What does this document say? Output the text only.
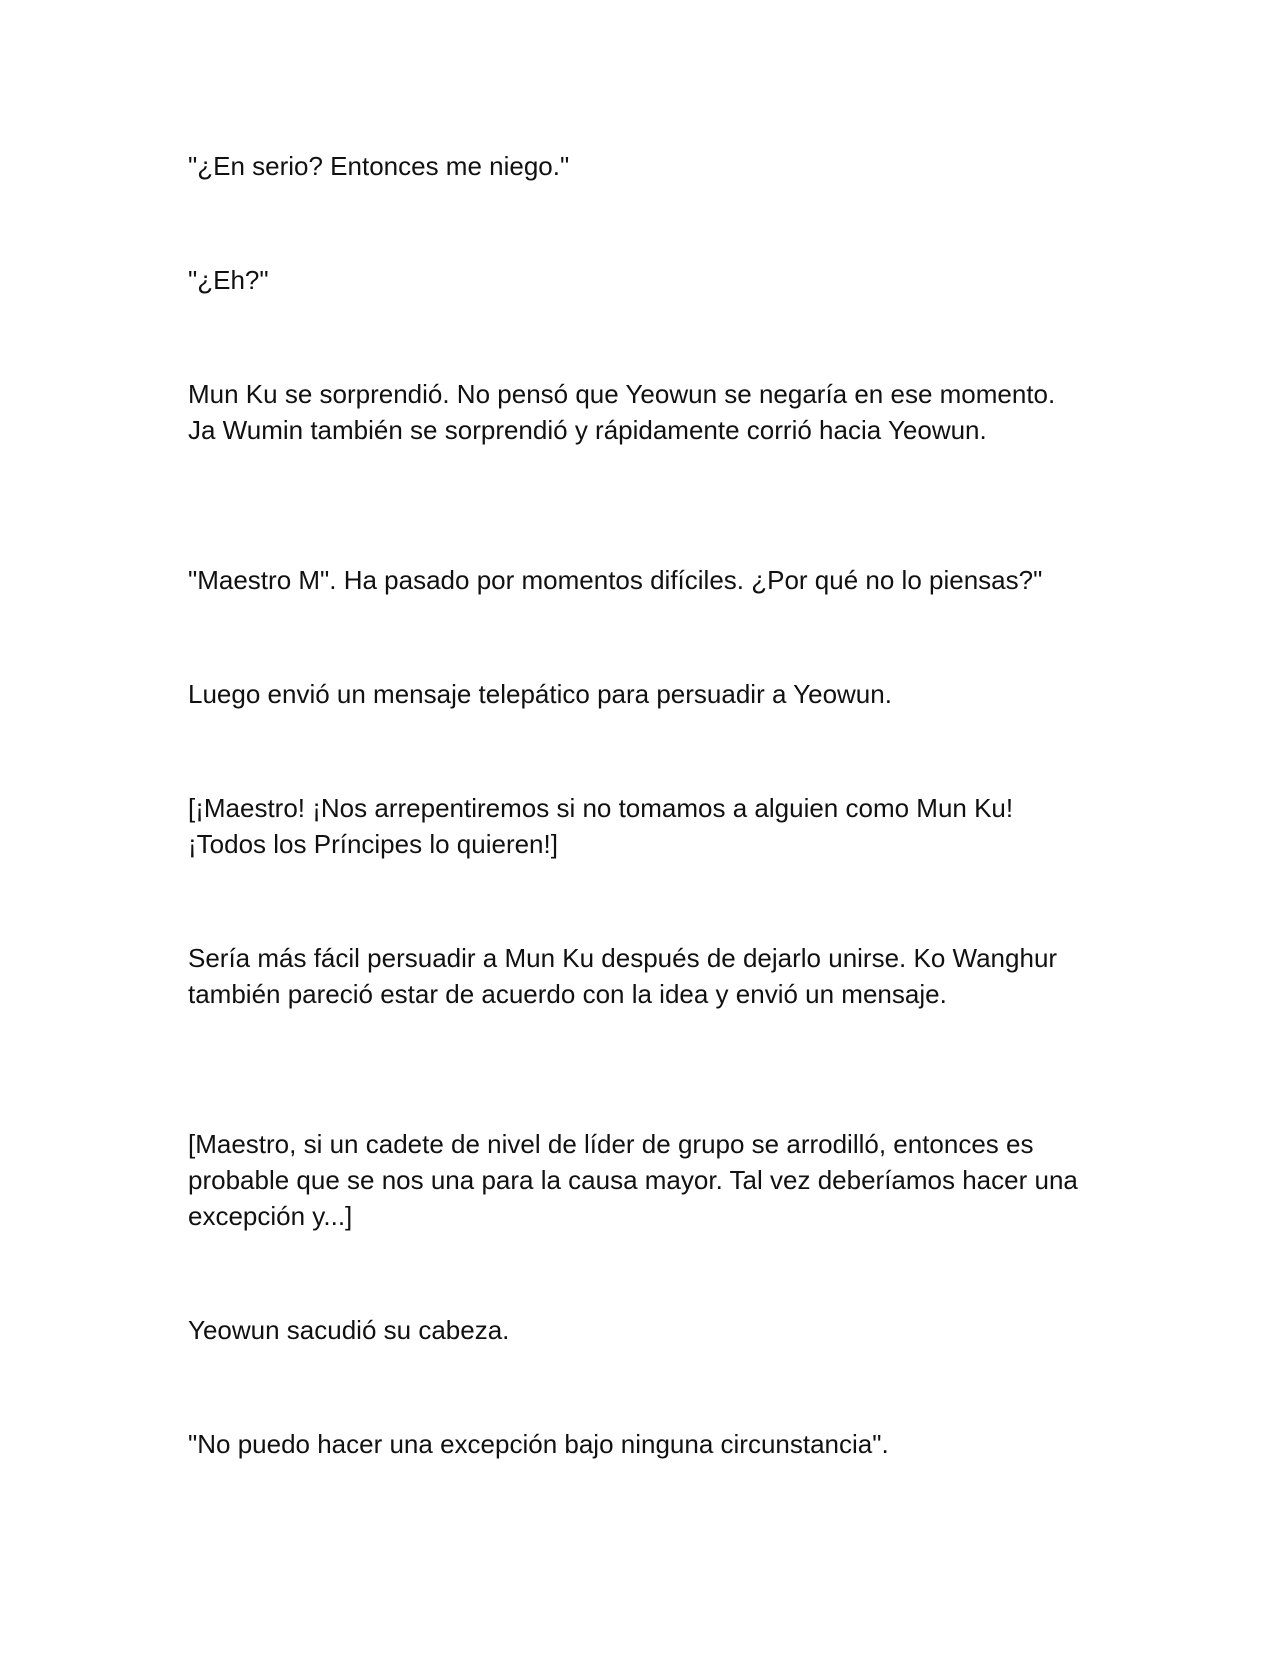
"¿En serio? Entonces me niego."

"¿Eh?"

Mun Ku se sorprendió. No pensó que Yeowun se negaría en ese momento. Ja Wumin también se sorprendió y rápidamente corrió hacia Yeowun.

"Maestro M". Ha pasado por momentos difíciles. ¿Por qué no lo piensas?"

Luego envió un mensaje telepático para persuadir a Yeowun.

[¡Maestro! ¡Nos arrepentiremos si no tomamos a alguien como Mun Ku! ¡Todos los Príncipes lo quieren!]

Sería más fácil persuadir a Mun Ku después de dejarlo unirse. Ko Wanghur también pareció estar de acuerdo con la idea y envió un mensaje.

[Maestro, si un cadete de nivel de líder de grupo se arrodilló, entonces es probable que se nos una para la causa mayor. Tal vez deberíamos hacer una excepción y...]

Yeowun sacudió su cabeza.

"No puedo hacer una excepción bajo ninguna circunstancia".
